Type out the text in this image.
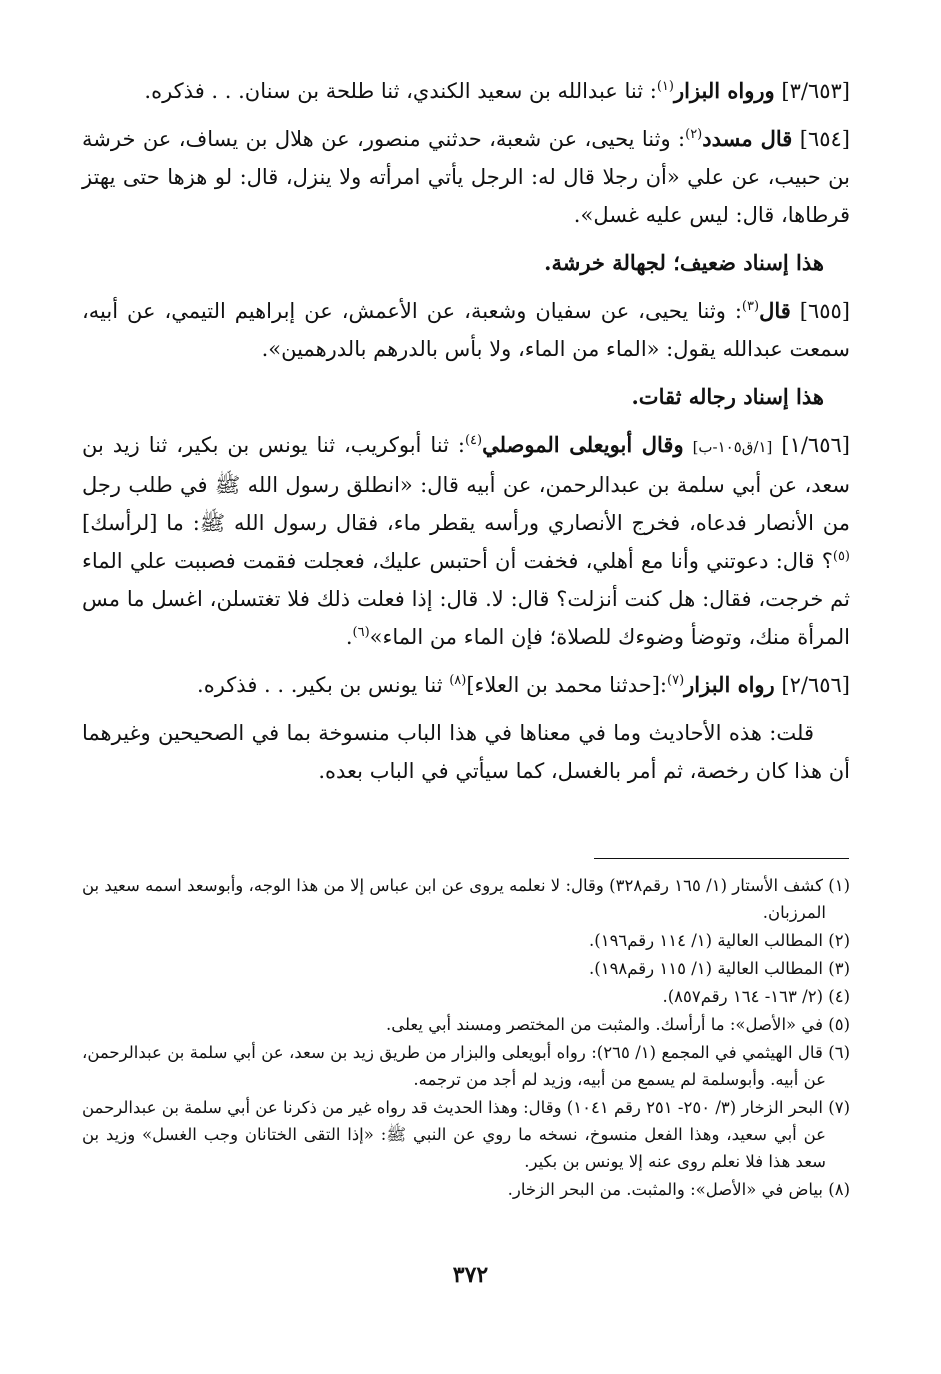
[٣/٦٥٣] ورواه البزار$^{(١)}$: ثنا عبدالله بن سعيد الكندي، ثنا طلحة بن سنان. . . فذكره.

[٦٥٤] قال مسدد$^{(٢)}$: وثنا يحيى، عن شعبة، حدثني منصور، عن هلال بن يساف، عن خرشة بن حبيب، عن علي «أن رجلا قال له: الرجل يأتي امرأته ولا ينزل، قال: لو هزها حتى يهتز قرطاها، قال: ليس عليه غسل».

هذا إسناد ضعيف؛ لجهالة خرشة.

[٦٥٥] قال$^{(٣)}$: وثنا يحيى، عن سفيان وشعبة، عن الأعمش، عن إبراهيم التيمي، عن أبيه، سمعت عبدالله يقول: «الماء من الماء، ولا بأس بالدرهم بالدرهمين».

هذا إسناد رجاله ثقات.

[١/٦٥٦] [١/ق١٠٥-ب] وقال أبويعلى الموصلي$^{(٤)}$: ثنا أبوكريب، ثنا يونس بن بكير، ثنا زيد بن سعد، عن أبي سلمة بن عبدالرحمن، عن أبيه قال: «انطلق رسول الله ﷺ في طلب رجل من الأنصار فدعاه، فخرج الأنصاري ورأسه يقطر ماء، فقال رسول الله ﷺ: ما [لرأسك]$^{(٥)}$؟ قال: دعوتني وأنا مع أهلي، فخفت أن أحتبس عليك، فعجلت فقمت فصببت علي الماء ثم خرجت، فقال: هل كنت أنزلت؟ قال: لا. قال: إذا فعلت ذلك فلا تغتسلن، اغسل ما مس المرأة منك، وتوضأ وضوءك للصلاة؛ فإن الماء من الماء»$^{(٦)}$.

[٢/٦٥٦] رواه البزار$^{(٧)}$:[حدثنا محمد بن العلاء]$^{(٨)}$ ثنا يونس بن بكير. . . فذكره.

قلت: هذه الأحاديث وما في معناها في هذا الباب منسوخة بما في الصحيحين وغيرهما أن هذا كان رخصة، ثم أمر بالغسل، كما سيأتي في الباب بعده.

(١) كشف الأستار (١/ ١٦٥ رقم٣٢٨) وقال: لا نعلمه يروى عن ابن عباس إلا من هذا الوجه، وأبوسعد اسمه سعيد بن المرزبان.

(٢) المطالب العالية (١/ ١١٤ رقم١٩٦).

(٣) المطالب العالية (١/ ١١٥ رقم١٩٨).

(٤) (٢/ ١٦٣- ١٦٤ رقم٨٥٧).

(٥) في «الأصل»: ما أرأسك. والمثبت من المختصر ومسند أبي يعلى.

(٦) قال الهيثمي في المجمع (١/ ٢٦٥): رواه أبويعلى والبزار من طريق زيد بن سعد، عن أبي سلمة بن عبدالرحمن، عن أبيه. وأبوسلمة لم يسمع من أبيه، وزيد لم أجد من ترجمه.

(٧) البحر الزخار (٣/ ٢٥٠- ٢٥١ رقم ١٠٤١) وقال: وهذا الحديث قد رواه غير من ذكرنا عن أبي سلمة بن عبدالرحمن عن أبي سعيد، وهذا الفعل منسوخ، نسخه ما روي عن النبي ﷺ: «إذا التقى الختانان وجب الغسل» وزيد بن سعد هذا فلا نعلم روى عنه إلا يونس بن بكير.

(٨) بياض في «الأصل»: والمثبت. من البحر الزخار.

٣٧٢
